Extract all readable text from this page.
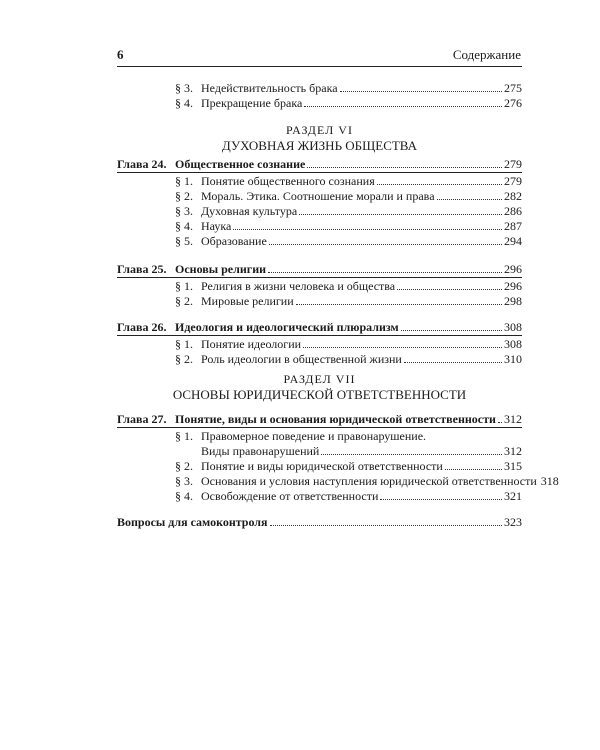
6	Содержание
§ 3. Недействительность брака	275
§ 4. Прекращение брака	276
РАЗДЕЛ VI
ДУХОВНАЯ ЖИЗНЬ ОБЩЕСТВА
Глава 24. Общественное сознание	279
§ 1. Понятие общественного сознания	279
§ 2. Мораль. Этика. Соотношение морали и права	282
§ 3. Духовная культура	286
§ 4. Наука	287
§ 5. Образование	294
Глава 25. Основы религии	296
§ 1. Религия в жизни человека и общества	296
§ 2. Мировые религии	298
Глава 26. Идеология и идеологический плюрализм	308
§ 1. Понятие идеологии	308
§ 2. Роль идеологии в общественной жизни	310
РАЗДЕЛ VII
ОСНОВЫ ЮРИДИЧЕСКОЙ ОТВЕТСТВЕННОСТИ
Глава 27. Понятие, виды и основания юридической ответственности 312
§ 1. Правомерное поведение и правонарушение.
Виды правонарушений	312
§ 2. Понятие и виды юридической ответственности	315
§ 3. Основания и условия наступления юридической ответственности 318
§ 4. Освобождение от ответственности	321
Вопросы для самоконтроля	323
